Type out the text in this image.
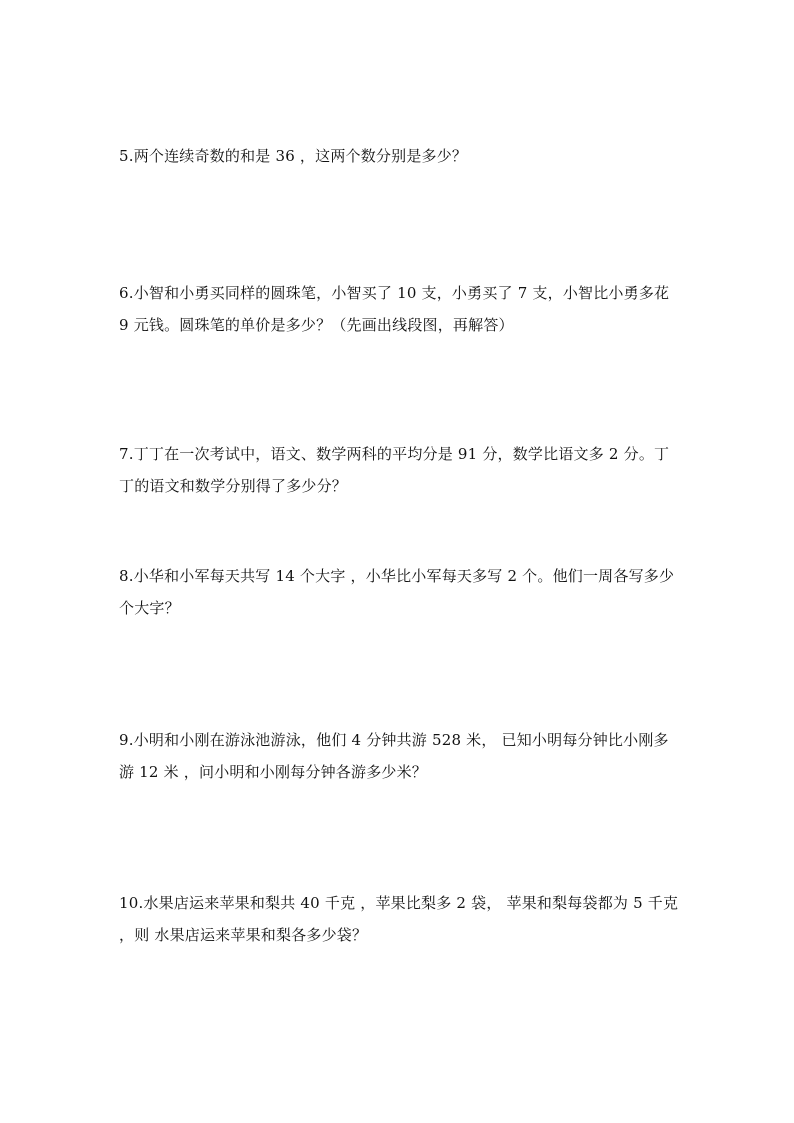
5.两个连续奇数的和是 36 ，这两个数分别是多少？

6.小智和小勇买同样的圆珠笔，小智买了 10 支，小勇买了 7 支，小智比小勇多花 9 元钱。圆珠笔的单价是多少？（先画出线段图，再解答）

7.丁丁在一次考试中，语文、数学两科的平均分是 91 分，数学比语文多 2 分。丁丁的语文和数学分别得了多少分？

8.小华和小军每天共写 14 个大字 ，小华比小军每天多写 2 个。他们一周各写多少个大字？

9.小明和小刚在游泳池游泳，他们 4 分钟共游 528 米， 已知小明每分钟比小刚多游 12 米 ，问小明和小刚每分钟各游多少米？

10.水果店运来苹果和梨共 40 千克 ，苹果比梨多 2 袋， 苹果和梨每袋都为 5 千克 ，则 水果店运来苹果和梨各多少袋？
